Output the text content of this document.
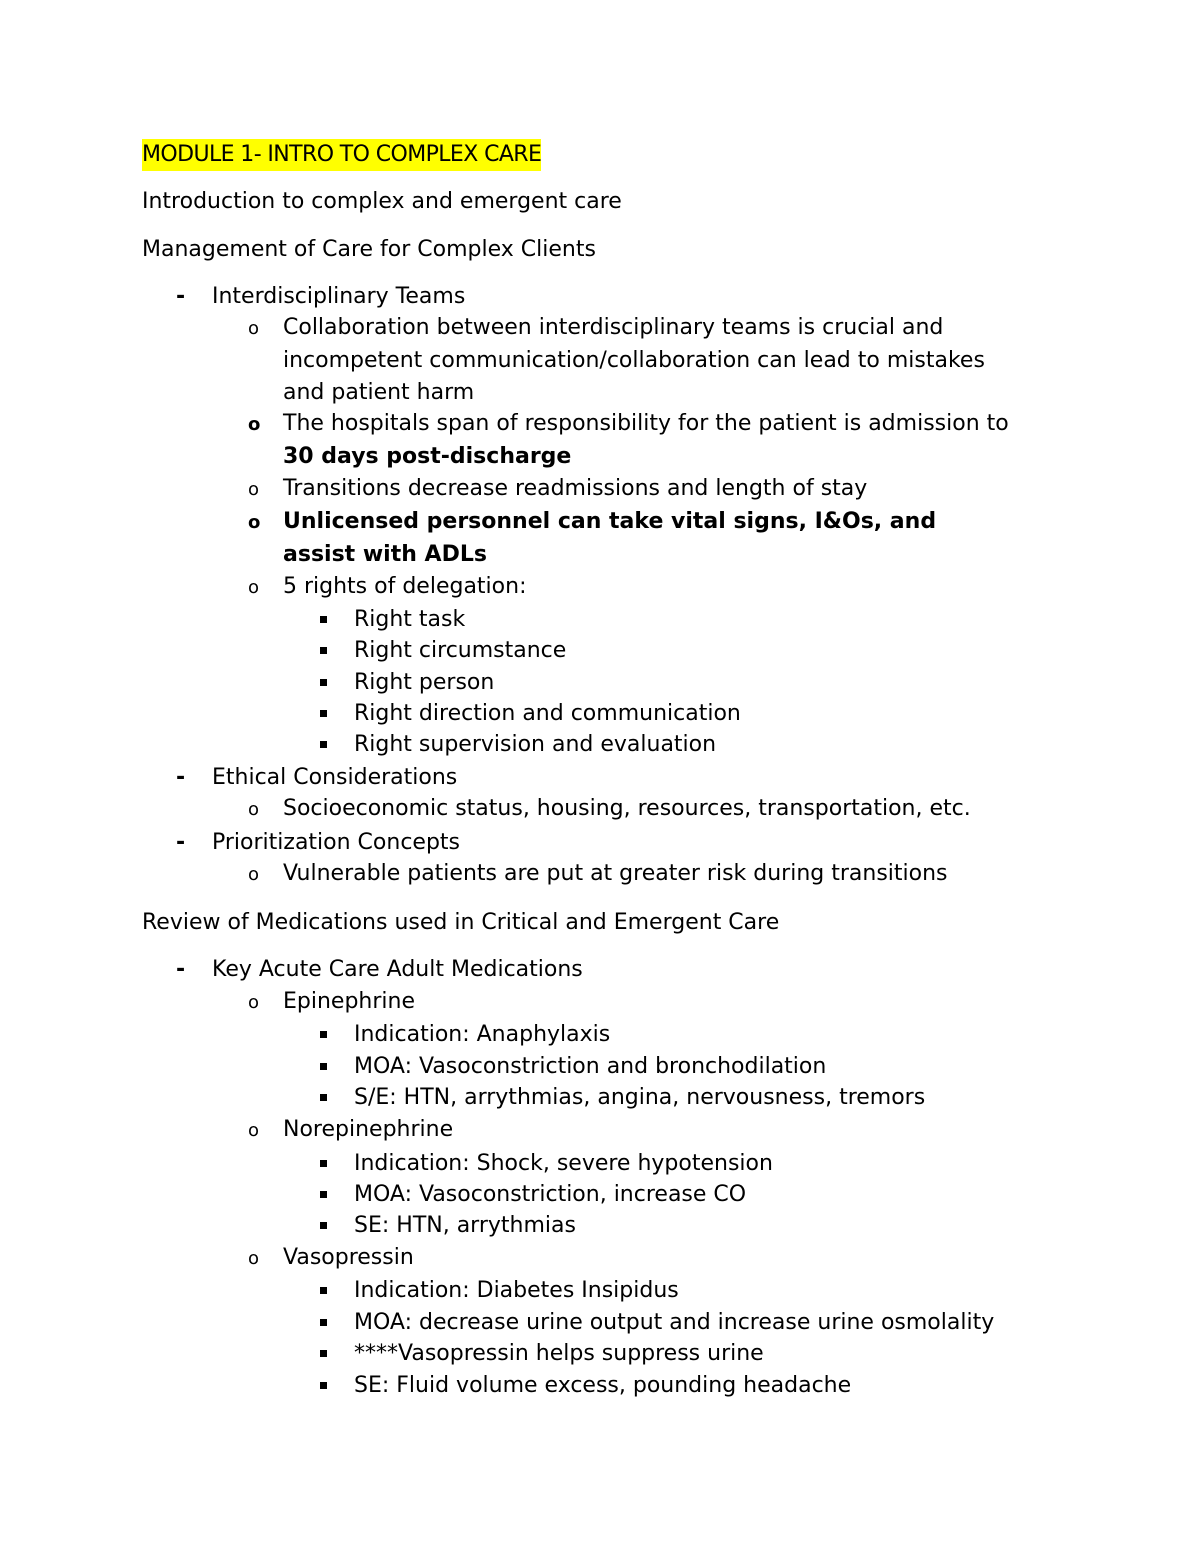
MODULE 1- INTRO TO COMPLEX CARE
Introduction to complex and emergent care
Management of Care for Complex Clients
- Interdisciplinary Teams
o Collaboration between interdisciplinary teams is crucial and
incompetent communication/collaboration can lead to mistakes
and patient harm
o The hospitals span of responsibility for the patient is admission to
30 days post-discharge
o Transitions decrease readmissions and length of stay
o Unlicensed personnel can take vital signs, I&Os, and
assist with ADLs
o 5 rights of delegation:
Right task
Right circumstance
Right person
Right direction and communication
Right supervision and evaluation
- Ethical Considerations
o Socioeconomic status, housing, resources, transportation, etc.
- Prioritization Concepts
o Vulnerable patients are put at greater risk during transitions
Review of Medications used in Critical and Emergent Care
- Key Acute Care Adult Medications
o Epinephrine
Indication: Anaphylaxis
MOA: Vasoconstriction and bronchodilation
S/E: HTN, arrythmias, angina, nervousness, tremors
o Norepinephrine
Indication: Shock, severe hypotension
MOA: Vasoconstriction, increase CO
SE: HTN, arrythmias
o Vasopressin
Indication: Diabetes Insipidus
MOA: decrease urine output and increase urine osmolality
****Vasopressin helps suppress urine
SE: Fluid volume excess, pounding headache
